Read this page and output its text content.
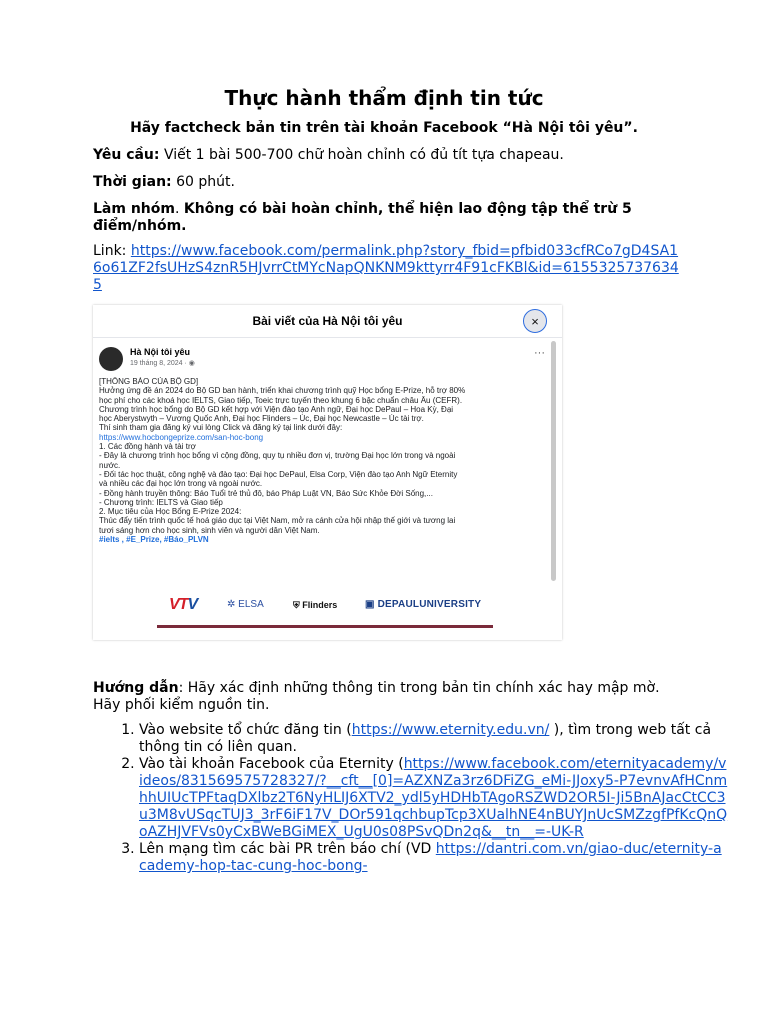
Thực hành thẩm định tin tức
Hãy factcheck bản tin trên tài khoản Facebook “Hà Nội tôi yêu”.
Yêu cầu: Viết 1 bài 500-700 chữ hoàn chỉnh có đủ tít tựa chapeau.
Thời gian: 60 phút.
Làm nhóm. Không có bài hoàn chỉnh, thể hiện lao động tập thể trừ 5 điểm/nhóm.
Link: https://www.facebook.com/permalink.php?story_fbid=pfbid033cfRCo7gD4SA16o61ZF2fsUHzS4znR5HJvrrCtMYcNapQNKNM9kttyrr4F91cFKBl&id=61553257376345
Bài viết của Hà Nội tôi yêu	×
Hà Nội tôi yêu
19 tháng 8, 2024 · ◉
···
[THÔNG BÁO CỦA BỘ GD]
Hưởng ứng đề án 2024 do Bộ GD ban hành, triển khai chương trình quỹ Học bổng E-Prize, hỗ trợ 80%
học phí cho các khoá học IELTS, Giao tiếp, Toeic trực tuyến theo khung 6 bậc chuẩn châu Âu (CEFR).
Chương trình học bổng do Bộ GD kết hợp với Viện đào tạo Anh ngữ, Đại học DePaul – Hoa Kỳ, Đại
học Aberystwyth – Vương Quốc Anh, Đại học Flinders – Úc, Đại học Newcastle – Úc tài trợ.
Thí sinh tham gia đăng ký vui lòng Click và đăng ký tại link dưới đây:
https://www.hocbongeprize.com/san-hoc-bong
1. Các đồng hành và tài trợ
- Đây là chương trình học bổng vì cộng đồng, quy tụ nhiều đơn vị, trường Đại học lớn trong và ngoài
nước.
- Đối tác học thuật, công nghệ và đào tạo: Đại học DePaul, Elsa Corp, Viện đào tạo Anh Ngữ Eternity
và nhiều các đại học lớn trong và ngoài nước.
- Đồng hành truyền thông: Báo Tuổi trẻ thủ đô, báo Pháp Luật VN, Báo Sức Khỏe Đời Sống,...
- Chương trình: IELTS và Giao tiếp
2. Mục tiêu của Học Bổng E-Prize 2024:
Thúc đẩy tiến trình quốc tế hoá giáo dục tại Việt Nam, mở ra cánh cửa hội nhập thế giới và tương lai
tươi sáng hơn cho học sinh, sinh viên và người dân Việt Nam.
#ielts , #E_Prize, #Báo_PLVN
VTV	✲ ELSA	⛨ Flinders	▣ DEPAULUNIVERSITY
Hướng dẫn: Hãy xác định những thông tin trong bản tin chính xác hay mập mờ. Hãy phối kiểm nguồn tin.
1. Vào website tổ chức đăng tin (https://www.eternity.edu.vn/ ), tìm trong web tất cả thông tin có liên quan.
2. Vào tài khoản Facebook của Eternity (https://www.facebook.com/eternityacademy/videos/831569575728327/?__cft__[0]=AZXNZa3rz6DFiZG_eMi-JJoxy5-P7evnvAfHCnmhhUIUcTPFtaqDXlbz2T6NyHLIJ6XTV2_ydl5yHDHbTAgoRSZWD2OR5I-Ji5BnAJacCtCC3u3M8vUSqcTUJ3_3rF6iF17V_DOr591qchbupTcp3XUalhNE4nBUYJnUcSMZzgfPfKcQnQoAZHJVFVs0yCxBWeBGiMEX_UgU0s08PSvQDn2q&__tn__=-UK-R
3. Lên mạng tìm các bài PR trên báo chí (VD https://dantri.com.vn/giao-duc/eternity-academy-hop-tac-cung-hoc-bong-
